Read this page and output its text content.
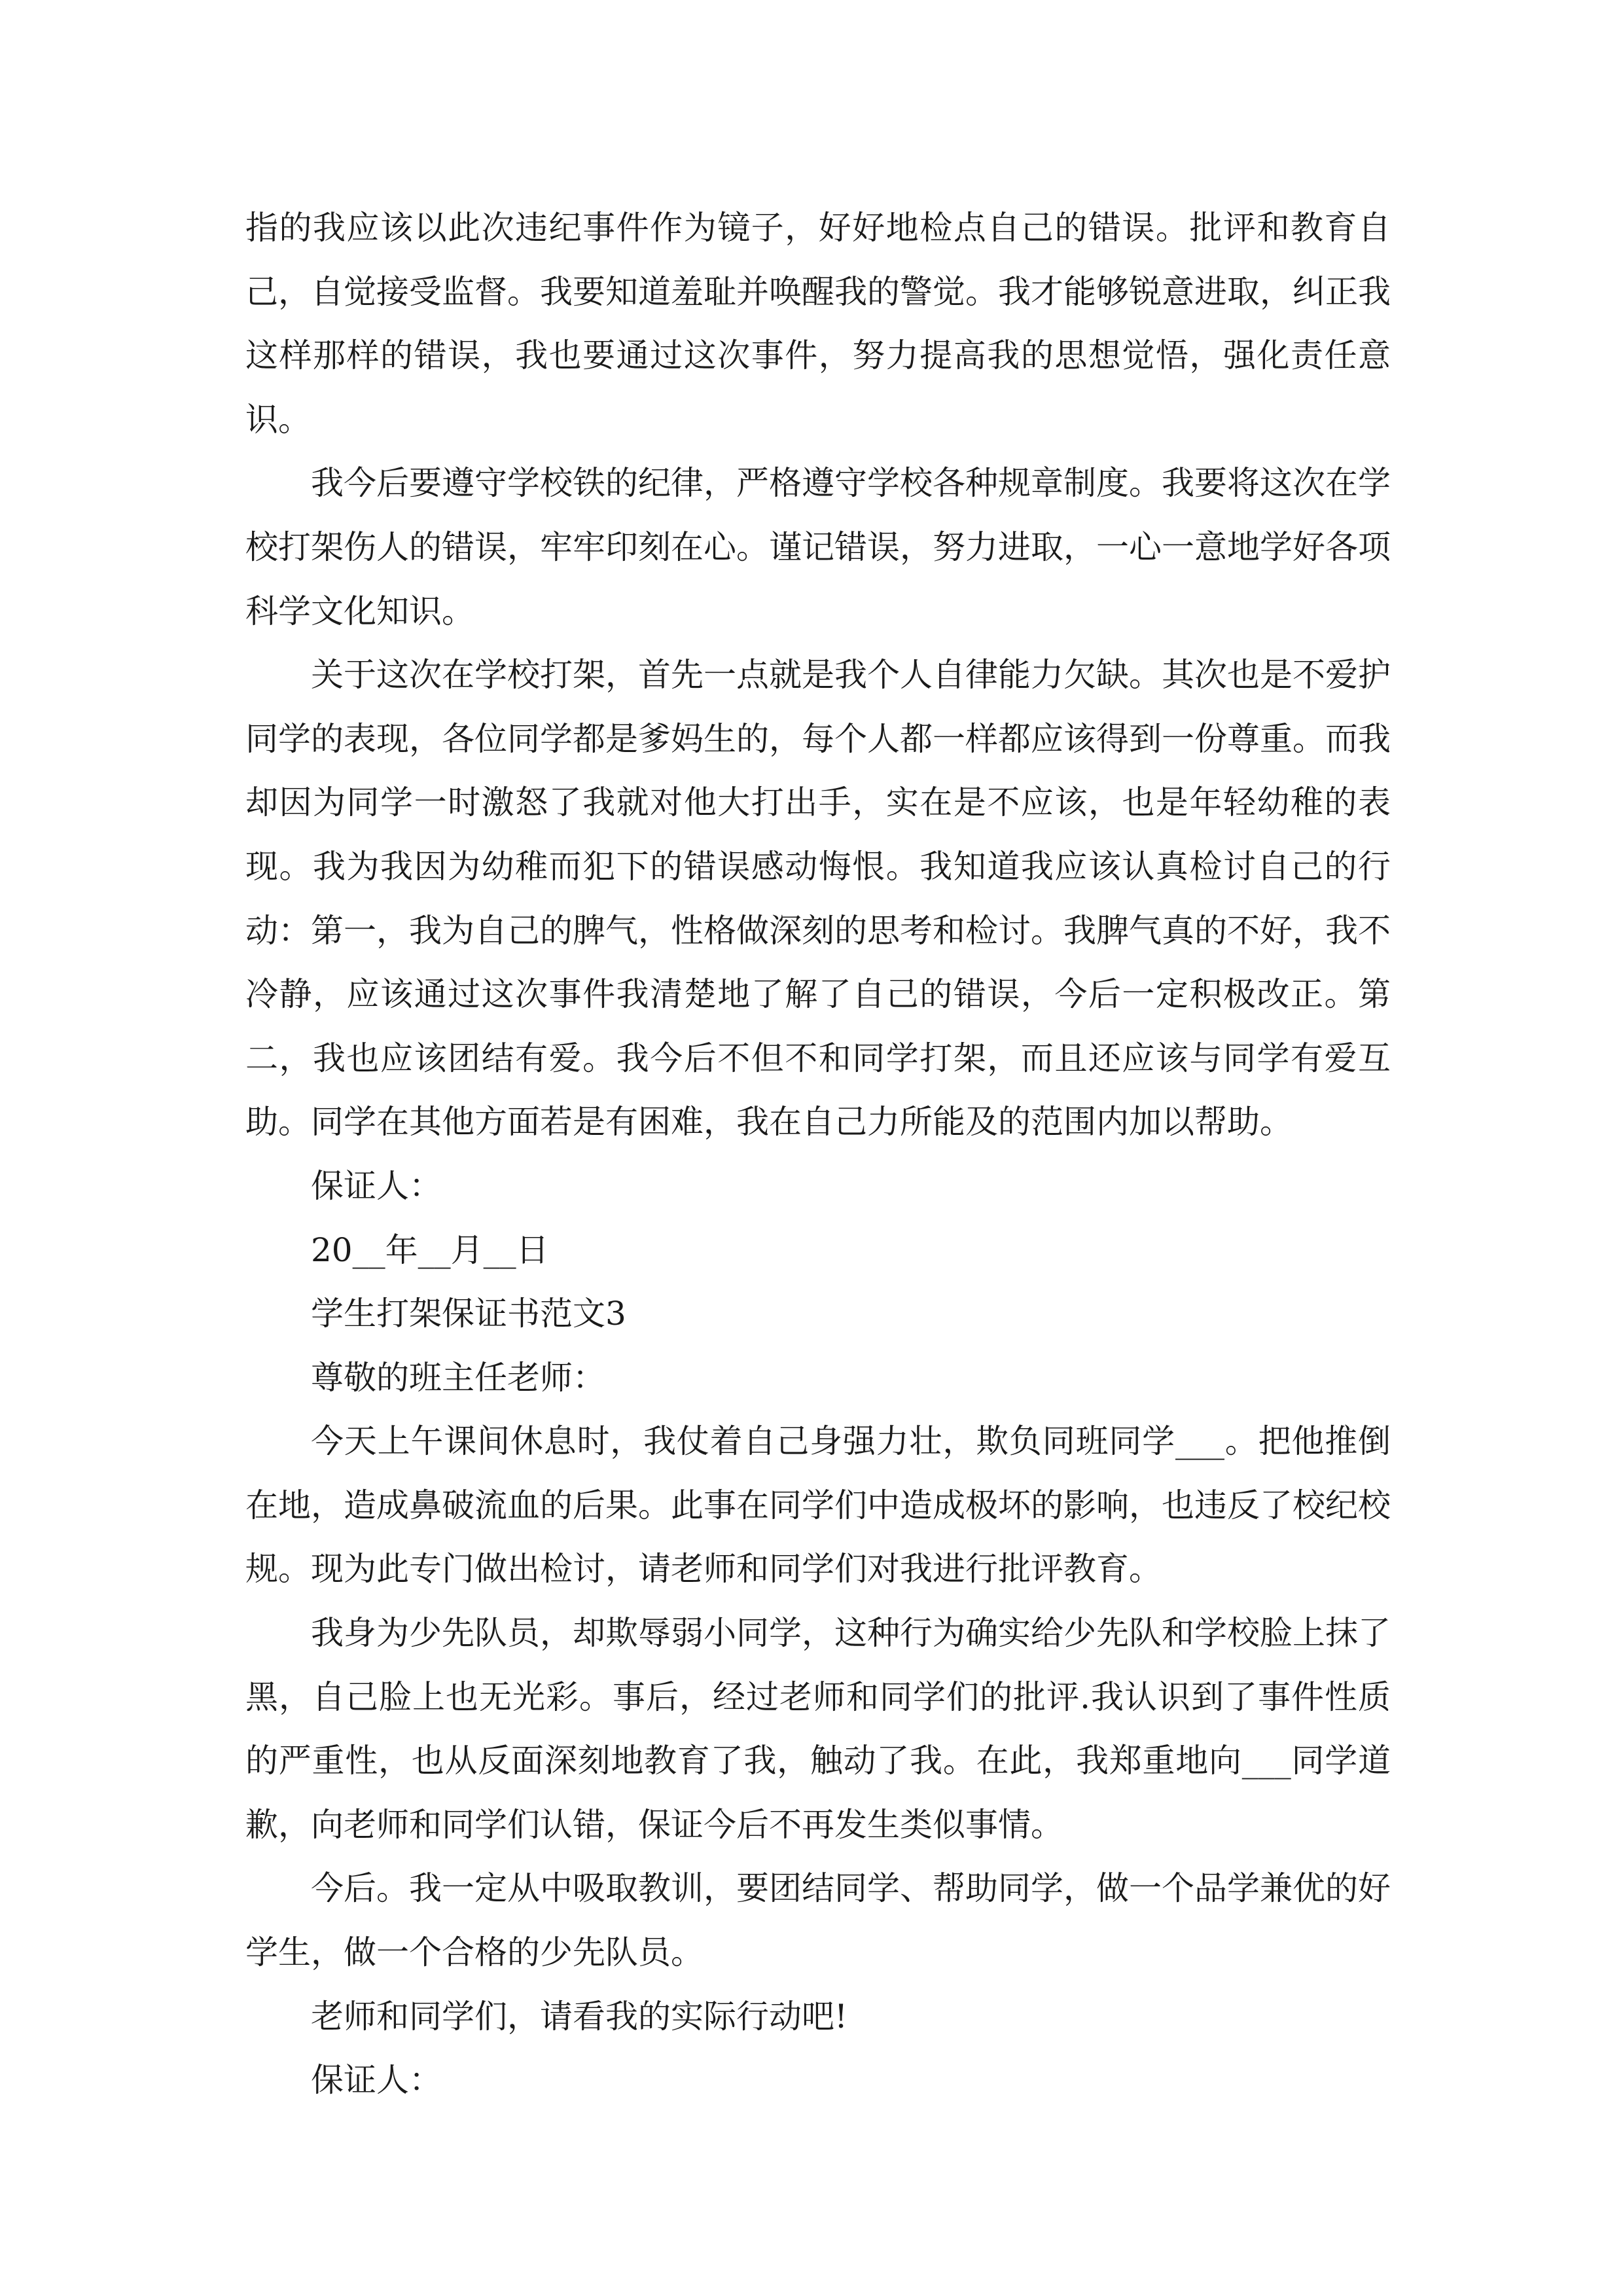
指的我应该以此次违纪事件作为镜子，好好地检点自己的错误。批评和教育自己，自觉接受监督。我要知道羞耻并唤醒我的警觉。我才能够锐意进取，纠正我这样那样的错误，我也要通过这次事件，努力提高我的思想觉悟，强化责任意识。

我今后要遵守学校铁的纪律，严格遵守学校各种规章制度。我要将这次在学校打架伤人的错误，牢牢印刻在心。谨记错误，努力进取，一心一意地学好各项科学文化知识。

关于这次在学校打架，首先一点就是我个人自律能力欠缺。其次也是不爱护同学的表现，各位同学都是爹妈生的，每个人都一样都应该得到一份尊重。而我却因为同学一时激怒了我就对他大打出手，实在是不应该，也是年轻幼稚的表现。我为我因为幼稚而犯下的错误感动悔恨。我知道我应该认真检讨自己的行动：第一，我为自己的脾气，性格做深刻的思考和检讨。我脾气真的不好，我不冷静，应该通过这次事件我清楚地了解了自己的错误，今后一定积极改正。第二，我也应该团结有爱。我今后不但不和同学打架，而且还应该与同学有爱互助。同学在其他方面若是有困难，我在自己力所能及的范围内加以帮助。

保证人：

20__年__月__日

学生打架保证书范文3

尊敬的班主任老师：

今天上午课间休息时，我仗着自己身强力壮，欺负同班同学___。把他推倒在地，造成鼻破流血的后果。此事在同学们中造成极坏的影响，也违反了校纪校规。现为此专门做出检讨，请老师和同学们对我进行批评教育。

我身为少先队员，却欺辱弱小同学，这种行为确实给少先队和学校脸上抹了黑，自己脸上也无光彩。事后，经过老师和同学们的批评.我认识到了事件性质的严重性，也从反面深刻地教育了我，触动了我。在此，我郑重地向___同学道歉，向老师和同学们认错，保证今后不再发生类似事情。

今后。我一定从中吸取教训，要团结同学、帮助同学，做一个品学兼优的好学生，做一个合格的少先队员。

老师和同学们，请看我的实际行动吧!

保证人：
